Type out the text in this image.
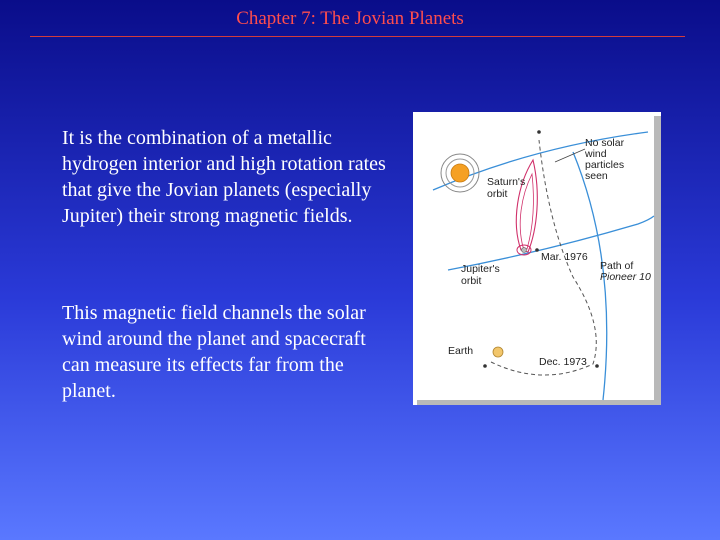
Chapter 7: The Jovian Planets
It is the combination of a metallic hydrogen interior and high rotation rates that give the Jovian planets (especially Jupiter) their strong magnetic fields.
This magnetic field channels the solar wind around the planet and spacecraft can measure its effects far from the planet.
Saturn's
orbit
No solar
wind
particles
seen
Mar. 1976
Jupiter's
orbit
Path of
Pioneer 10
Earth
Dec. 1973
